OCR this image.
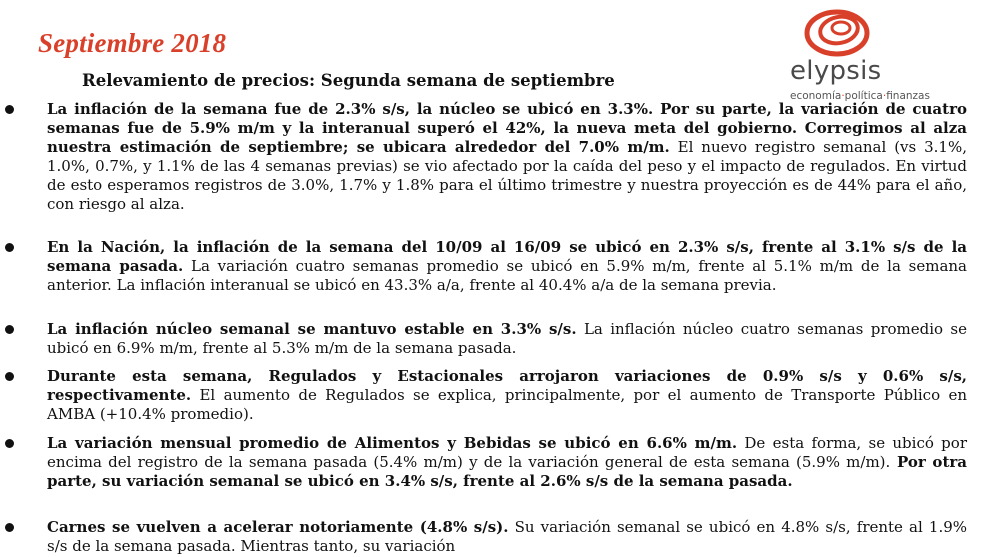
Septiembre 2018
elypsis
economía·política·finanzas
Relevamiento de precios: Segunda semana de septiembre
La inflación de la semana fue de 2.3% s/s, la núcleo se ubicó en 3.3%. Por su parte, la variación de cuatro semanas fue de 5.9% m/m y la interanual superó el 42%, la nueva meta del gobierno. Corregimos al alza nuestra estimación de septiembre; se ubicara alrededor del 7.0% m/m. El nuevo registro semanal (vs 3.1%, 1.0%, 0.7%, y 1.1% de las 4 semanas previas) se vio afectado por la caída del peso y el impacto de regulados. En virtud de esto esperamos registros de 3.0%, 1.7% y 1.8% para el último trimestre y nuestra proyección es de 44% para el año, con riesgo al alza.
En la Nación, la inflación de la semana del 10/09 al 16/09 se ubicó en 2.3% s/s, frente al 3.1% s/s de la semana pasada. La variación cuatro semanas promedio se ubicó en 5.9% m/m, frente al 5.1% m/m de la semana anterior. La inflación interanual se ubicó en 43.3% a/a, frente al 40.4% a/a de la semana previa.
La inflación núcleo semanal se mantuvo estable en 3.3% s/s. La inflación núcleo cuatro semanas promedio se ubicó en 6.9% m/m, frente al 5.3% m/m de la semana pasada.
Durante esta semana, Regulados y Estacionales arrojaron variaciones de 0.9% s/s y 0.6% s/s, respectivamente. El aumento de Regulados se explica, principalmente, por el aumento de Transporte Público en AMBA (+10.4% promedio).
La variación mensual promedio de Alimentos y Bebidas se ubicó en 6.6% m/m. De esta forma, se ubicó por encima del registro de la semana pasada (5.4% m/m) y de la variación general de esta semana (5.9% m/m). Por otra parte, su variación semanal se ubicó en 3.4% s/s, frente al 2.6% s/s de la semana pasada.
Carnes se vuelven a acelerar notoriamente (4.8% s/s). Su variación semanal se ubicó en 4.8% s/s, frente al 1.9% s/s de la semana pasada. Mientras tanto, su variación
